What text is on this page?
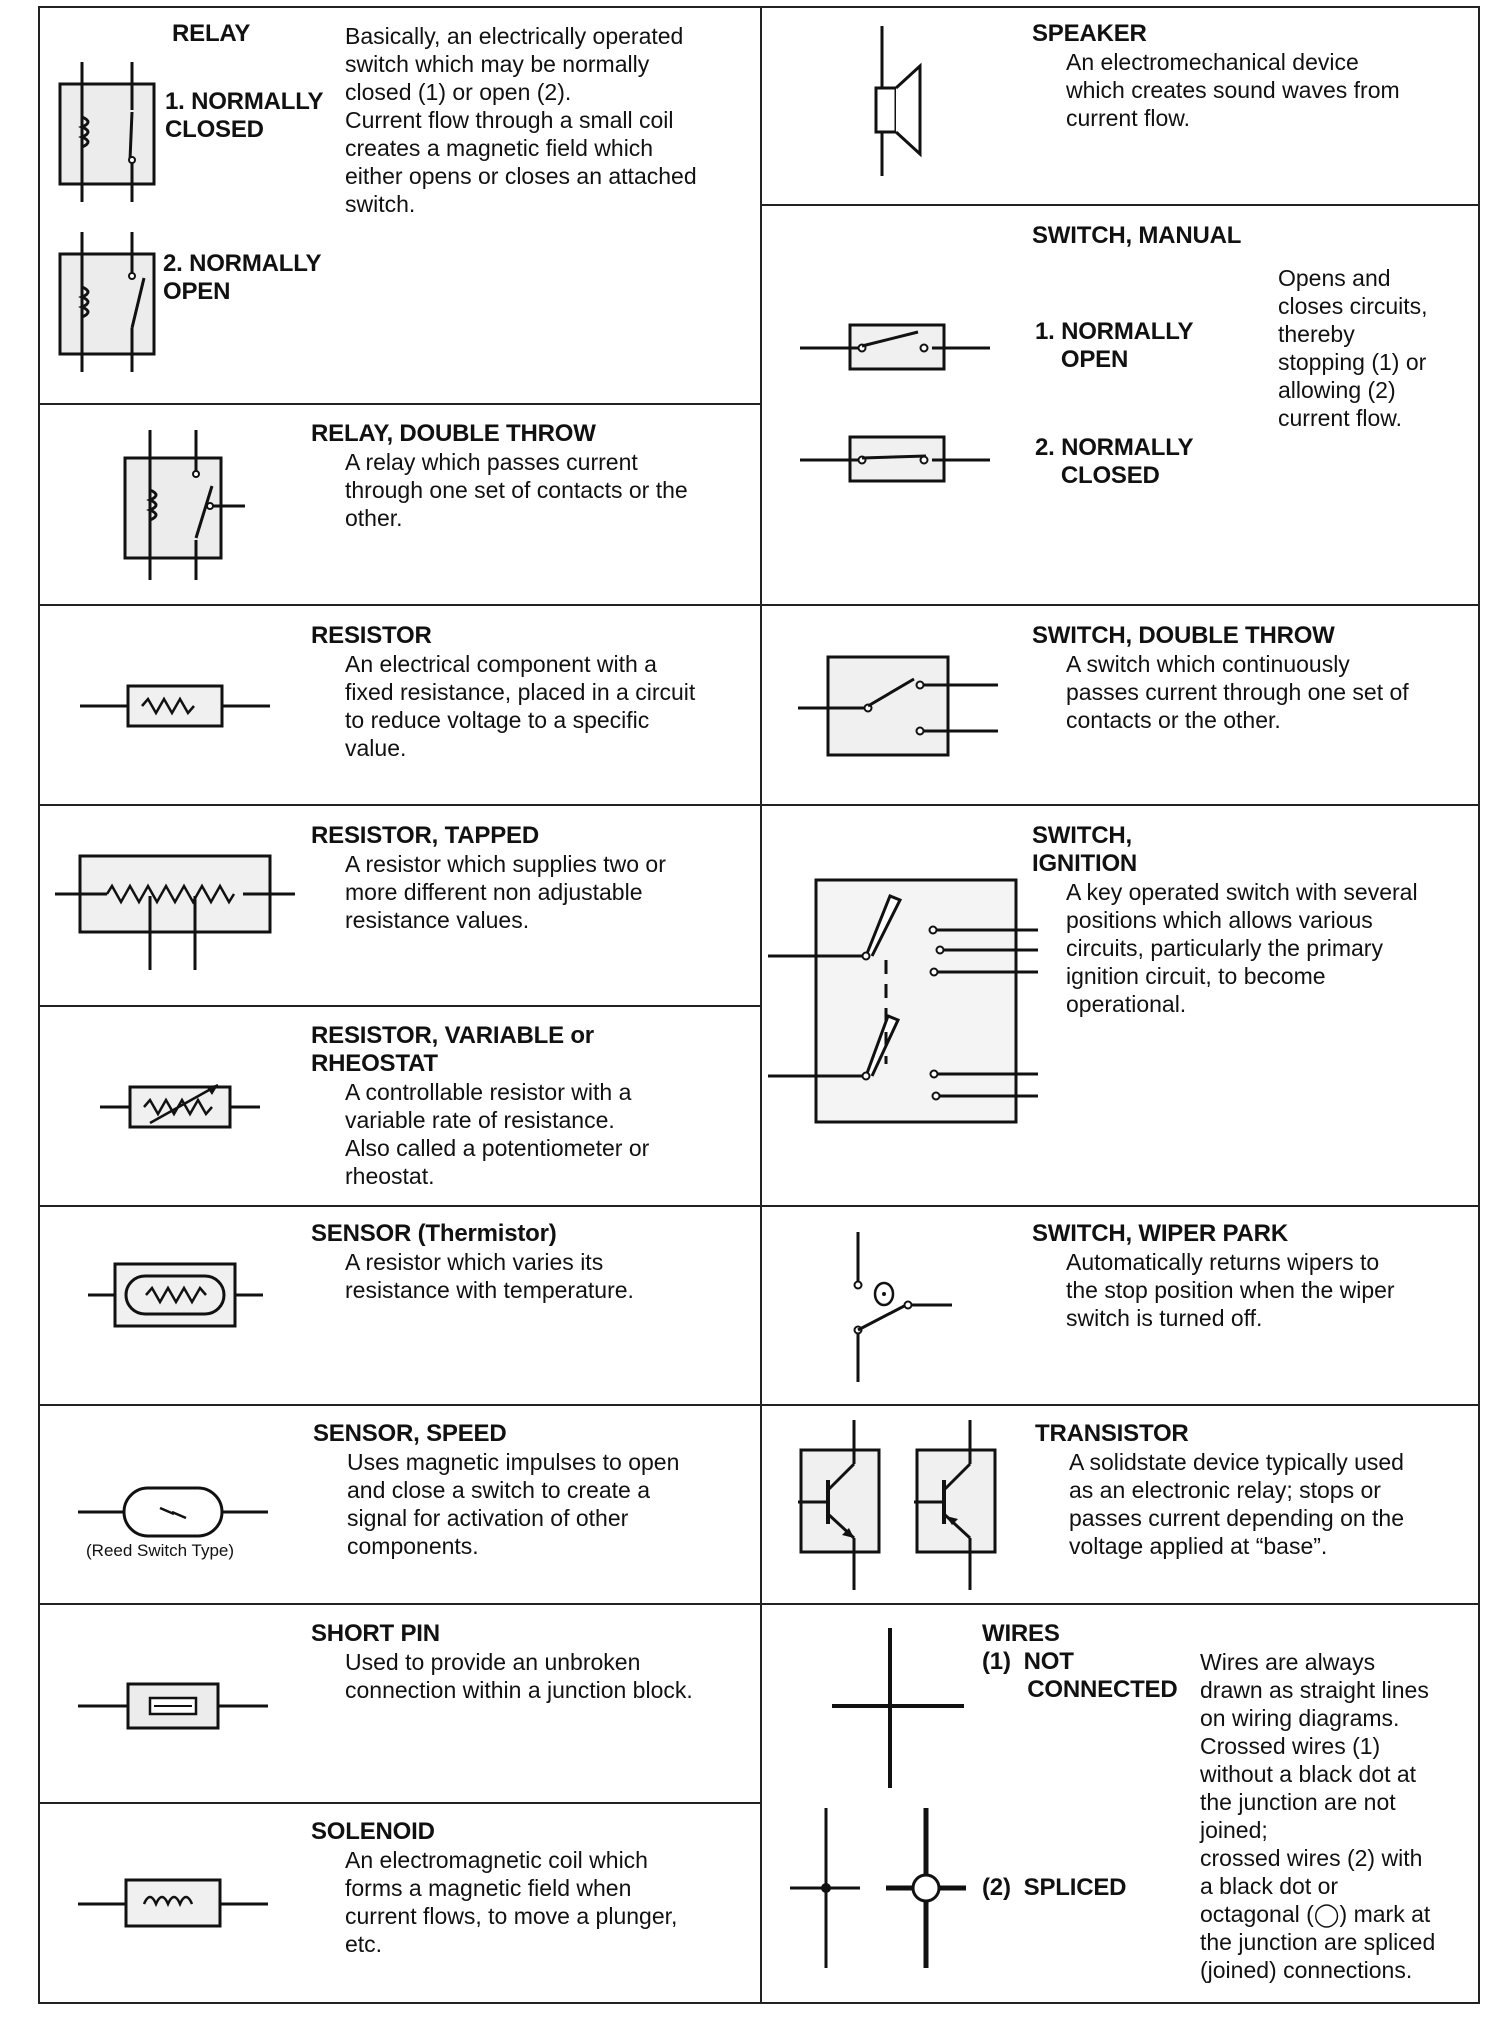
RELAY
1. NORMALLY
CLOSED
2. NORMALLY
OPEN
Basically, an electrically operated
switch which may be normally
closed (1) or open (2).
Current flow through a small coil
creates a magnetic field which
either opens or closes an attached
switch.
RELAY, DOUBLE THROW
A relay which passes current
through one set of contacts or the
other.
RESISTOR
An electrical component with a
fixed resistance, placed in a circuit
to reduce voltage to a specific
value.
RESISTOR, TAPPED
A resistor which supplies two or
more different non adjustable
resistance values.
RESISTOR, VARIABLE or
RHEOSTAT
A controllable resistor with a
variable rate of resistance.
Also called a potentiometer or
rheostat.
SENSOR (Thermistor)
A resistor which varies its
resistance with temperature.
SENSOR, SPEED
Uses magnetic impulses to open
and close a switch to create a
signal for activation of other
components.
(Reed Switch Type)
SHORT PIN
Used to provide an unbroken
connection within a junction block.
SOLENOID
An electromagnetic coil which
forms a magnetic field when
current flows, to move a plunger,
etc.
SPEAKER
An electromechanical device
which creates sound waves from
current flow.
SWITCH, MANUAL
1. NORMALLY
OPEN
2. NORMALLY
CLOSED
Opens and
closes circuits,
thereby
stopping (1) or
allowing (2)
current flow.
SWITCH, DOUBLE THROW
A switch which continuously
passes current through one set of
contacts or the other.
SWITCH,
IGNITION
A key operated switch with several
positions which allows various
circuits, particularly the primary
ignition circuit, to become
operational.
SWITCH, WIPER PARK
Automatically returns wipers to
the stop position when the wiper
switch is turned off.
TRANSISTOR
A solidstate device typically used
as an electronic relay; stops or
passes current depending on the
voltage applied at “base”.
WIRES
(1)  NOT
CONNECTED
(2)  SPLICED
Wires are always
drawn as straight lines
on wiring diagrams.
Crossed wires (1)
without a black dot at
the junction are not
joined;
crossed wires (2) with
a black dot or
octagonal (◯) mark at
the junction are spliced
(joined) connections.
